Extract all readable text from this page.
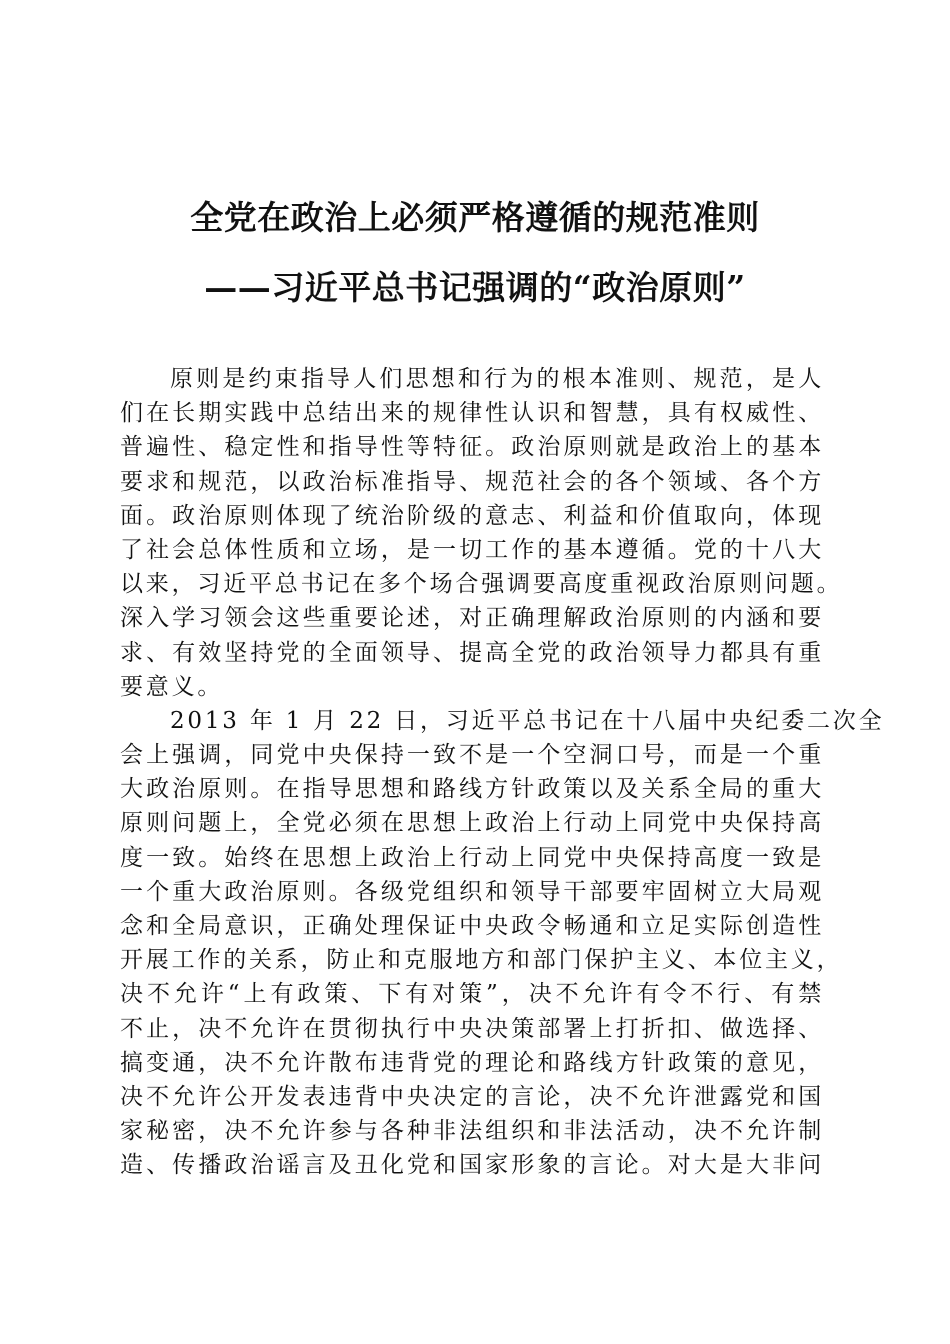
全党在政治上必须严格遵循的规范准则
——习近平总书记强调的“政治原则”
原则是约束指导人们思想和行为的根本准则、规范，是人
们在长期实践中总结出来的规律性认识和智慧，具有权威性、
普遍性、稳定性和指导性等特征。政治原则就是政治上的基本
要求和规范，以政治标准指导、规范社会的各个领域、各个方
面。政治原则体现了统治阶级的意志、利益和价值取向，体现
了社会总体性质和立场，是一切工作的基本遵循。党的十八大
以来，习近平总书记在多个场合强调要高度重视政治原则问题。
深入学习领会这些重要论述，对正确理解政治原则的内涵和要
求、有效坚持党的全面领导、提高全党的政治领导力都具有重
要意义。
2013 年 1 月 22 日，习近平总书记在十八届中央纪委二次全
会上强调，同党中央保持一致不是一个空洞口号，而是一个重
大政治原则。在指导思想和路线方针政策以及关系全局的重大
原则问题上，全党必须在思想上政治上行动上同党中央保持高
度一致。始终在思想上政治上行动上同党中央保持高度一致是
一个重大政治原则。各级党组织和领导干部要牢固树立大局观
念和全局意识，正确处理保证中央政令畅通和立足实际创造性
开展工作的关系，防止和克服地方和部门保护主义、本位主义，
决不允许“上有政策、下有对策”，决不允许有令不行、有禁
不止，决不允许在贯彻执行中央决策部署上打折扣、做选择、
搞变通，决不允许散布违背党的理论和路线方针政策的意见，
决不允许公开发表违背中央决定的言论，决不允许泄露党和国
家秘密，决不允许参与各种非法组织和非法活动，决不允许制
造、传播政治谣言及丑化党和国家形象的言论。对大是大非问
